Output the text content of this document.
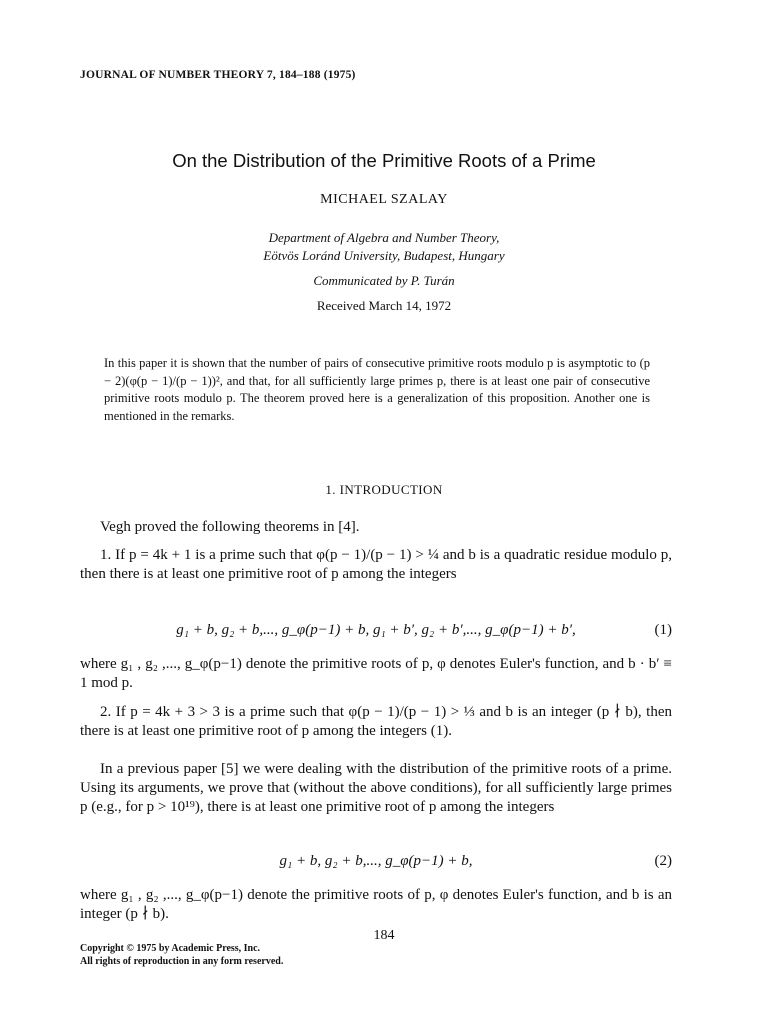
JOURNAL OF NUMBER THEORY 7, 184–188 (1975)
On the Distribution of the Primitive Roots of a Prime
MICHAEL SZALAY
Department of Algebra and Number Theory,
Eötvös Loránd University, Budapest, Hungary
Communicated by P. Turán
Received March 14, 1972
In this paper it is shown that the number of pairs of consecutive primitive roots modulo p is asymptotic to (p − 2)(φ(p − 1)/(p − 1))², and that, for all sufficiently large primes p, there is at least one pair of consecutive primitive roots modulo p. The theorem proved here is a generalization of this proposition. Another one is mentioned in the remarks.
1. INTRODUCTION
Vegh proved the following theorems in [4].
1. If p = 4k + 1 is a prime such that φ(p − 1)/(p − 1) > ¼ and b is a quadratic residue modulo p, then there is at least one primitive root of p among the integers
g₁ + b, g₂ + b,..., g_φ(p−1) + b, g₁ + b′, g₂ + b′,..., g_φ(p−1) + b′,	(1)
where g₁ , g₂ ,..., g_φ(p−1) denote the primitive roots of p, φ denotes Euler's function, and b · b′ ≡ 1 mod p.
2. If p = 4k + 3 > 3 is a prime such that φ(p − 1)/(p − 1) > ⅓ and b is an integer (p ∤ b), then there is at least one primitive root of p among the integers (1).
In a previous paper [5] we were dealing with the distribution of the primitive roots of a prime. Using its arguments, we prove that (without the above conditions), for all sufficiently large primes p (e.g., for p > 10¹⁹), there is at least one primitive root of p among the integers
g₁ + b, g₂ + b,..., g_φ(p−1) + b,	(2)
where g₁ , g₂ ,..., g_φ(p−1) denote the primitive roots of p, φ denotes Euler's function, and b is an integer (p ∤ b).
184
Copyright © 1975 by Academic Press, Inc.
All rights of reproduction in any form reserved.
